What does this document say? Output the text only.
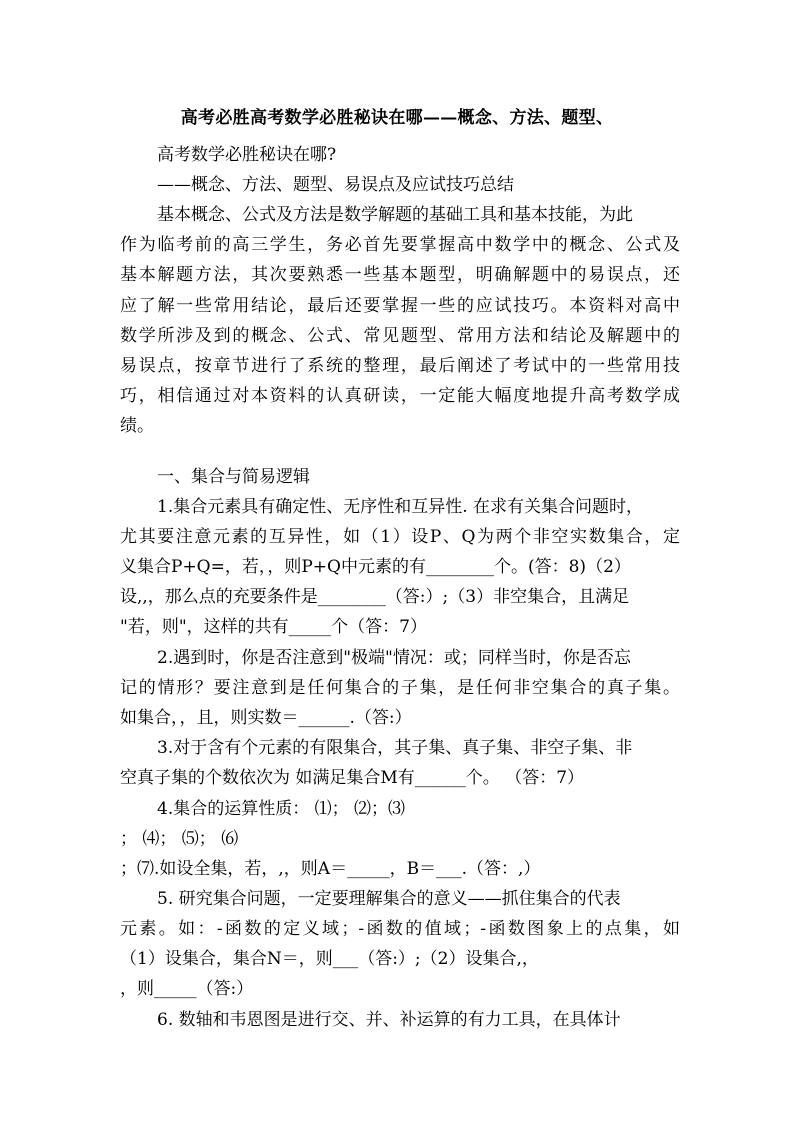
高考必胜高考数学必胜秘诀在哪——概念、方法、题型、
高考数学必胜秘诀在哪?
——概念、方法、题型、易误点及应试技巧总结
基本概念、公式及方法是数学解题的基础工具和基本技能，为此
作为临考前的高三学生，务必首先要掌握高中数学中的概念、公式及
基本解题方法，其次要熟悉一些基本题型，明确解题中的易误点，还
应了解一些常用结论，最后还要掌握一些的应试技巧。本资料对高中
数学所涉及到的概念、公式、常见题型、常用方法和结论及解题中的
易误点，按章节进行了系统的整理，最后阐述了考试中的一些常用技
巧，相信通过对本资料的认真研读，一定能大幅度地提升高考数学成
绩。
一、集合与简易逻辑
1.集合元素具有确定性、无序性和互异性. 在求有关集合问题时，
尤其要注意元素的互异性，如（1）设P、Q为两个非空实数集合，定
义集合P+Q=，若，，则P+Q中元素的有________个。(答：8)（2）
设,,，那么点的充要条件是________（答:）;（3）非空集合，且满足
"若，则"，这样的共有_____个（答：7）
2.遇到时，你是否注意到"极端"情况：或；同样当时，你是否忘
记的情形？要注意到是任何集合的子集，是任何非空集合的真子集。
如集合，，且，则实数＝______.（答:）
3.对于含有个元素的有限集合，其子集、真子集、非空子集、非
空真子集的个数依次为 如满足集合M有______个。 （答：7）
4.集合的运算性质： ⑴； ⑵；⑶
； ⑷； ⑸； ⑹
；⑺.如设全集，若，,，则A＝_____，B＝___.（答：,）
5. 研究集合问题，一定要理解集合的意义——抓住集合的代表
元素。如：-函数的定义域；-函数的值域；-函数图象上的点集，如
（1）设集合，集合N＝，则___（答:）;（2）设集合,，
，则_____（答:）
6. 数轴和韦恩图是进行交、并、补运算的有力工具，在具体计
